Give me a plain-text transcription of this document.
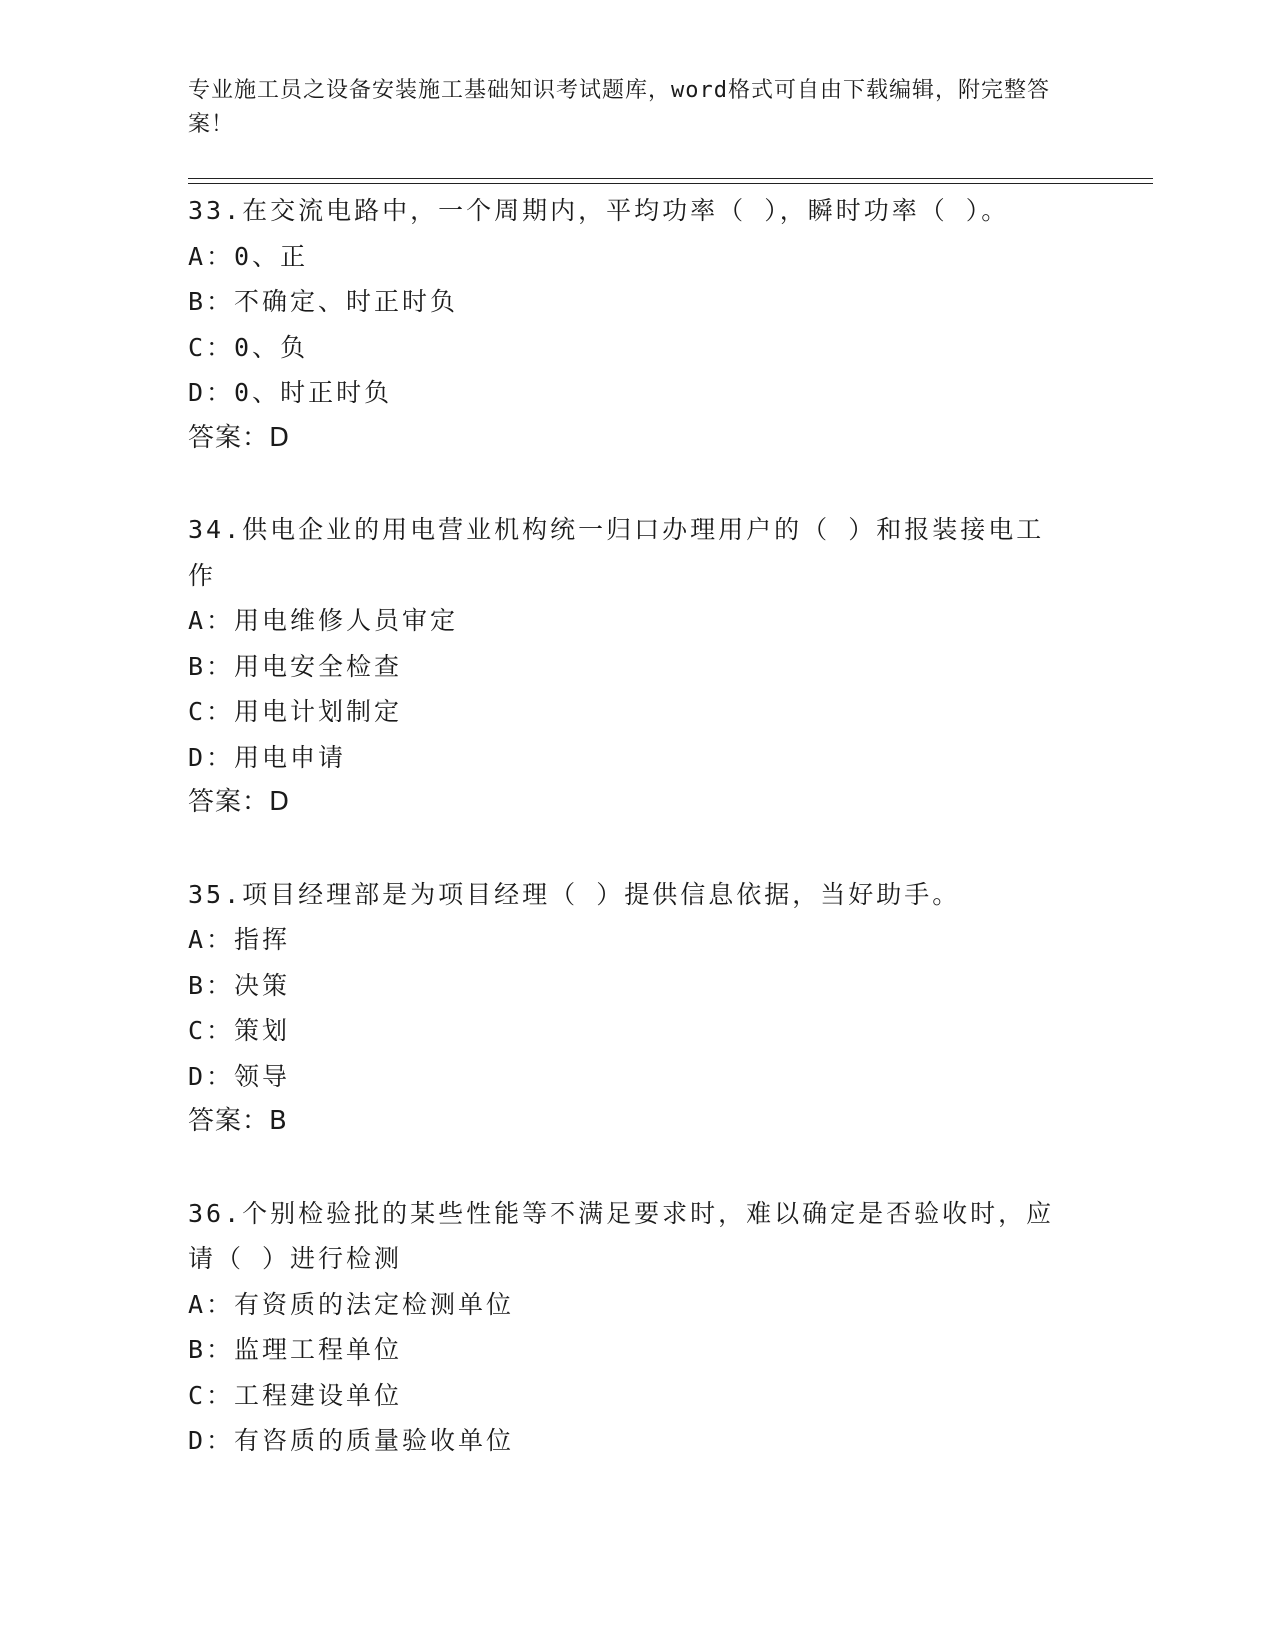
专业施工员之设备安装施工基础知识考试题库，word格式可自由下载编辑，附完整答案！
33.在交流电路中，一个周期内，平均功率（ ），瞬时功率（ ）。
A：0、正
B：不确定、时正时负
C：0、负
D：0、时正时负
答案：D
34.供电企业的用电营业机构统一归口办理用户的（ ）和报装接电工作
A：用电维修人员审定
B：用电安全检查
C：用电计划制定
D：用电申请
答案：D
35.项目经理部是为项目经理（ ）提供信息依据，当好助手。
A：指挥
B：决策
C：策划
D：领导
答案：B
36.个别检验批的某些性能等不满足要求时，难以确定是否验收时，应请（ ）进行检测
A：有资质的法定检测单位
B：监理工程单位
C：工程建设单位
D：有咨质的质量验收单位
